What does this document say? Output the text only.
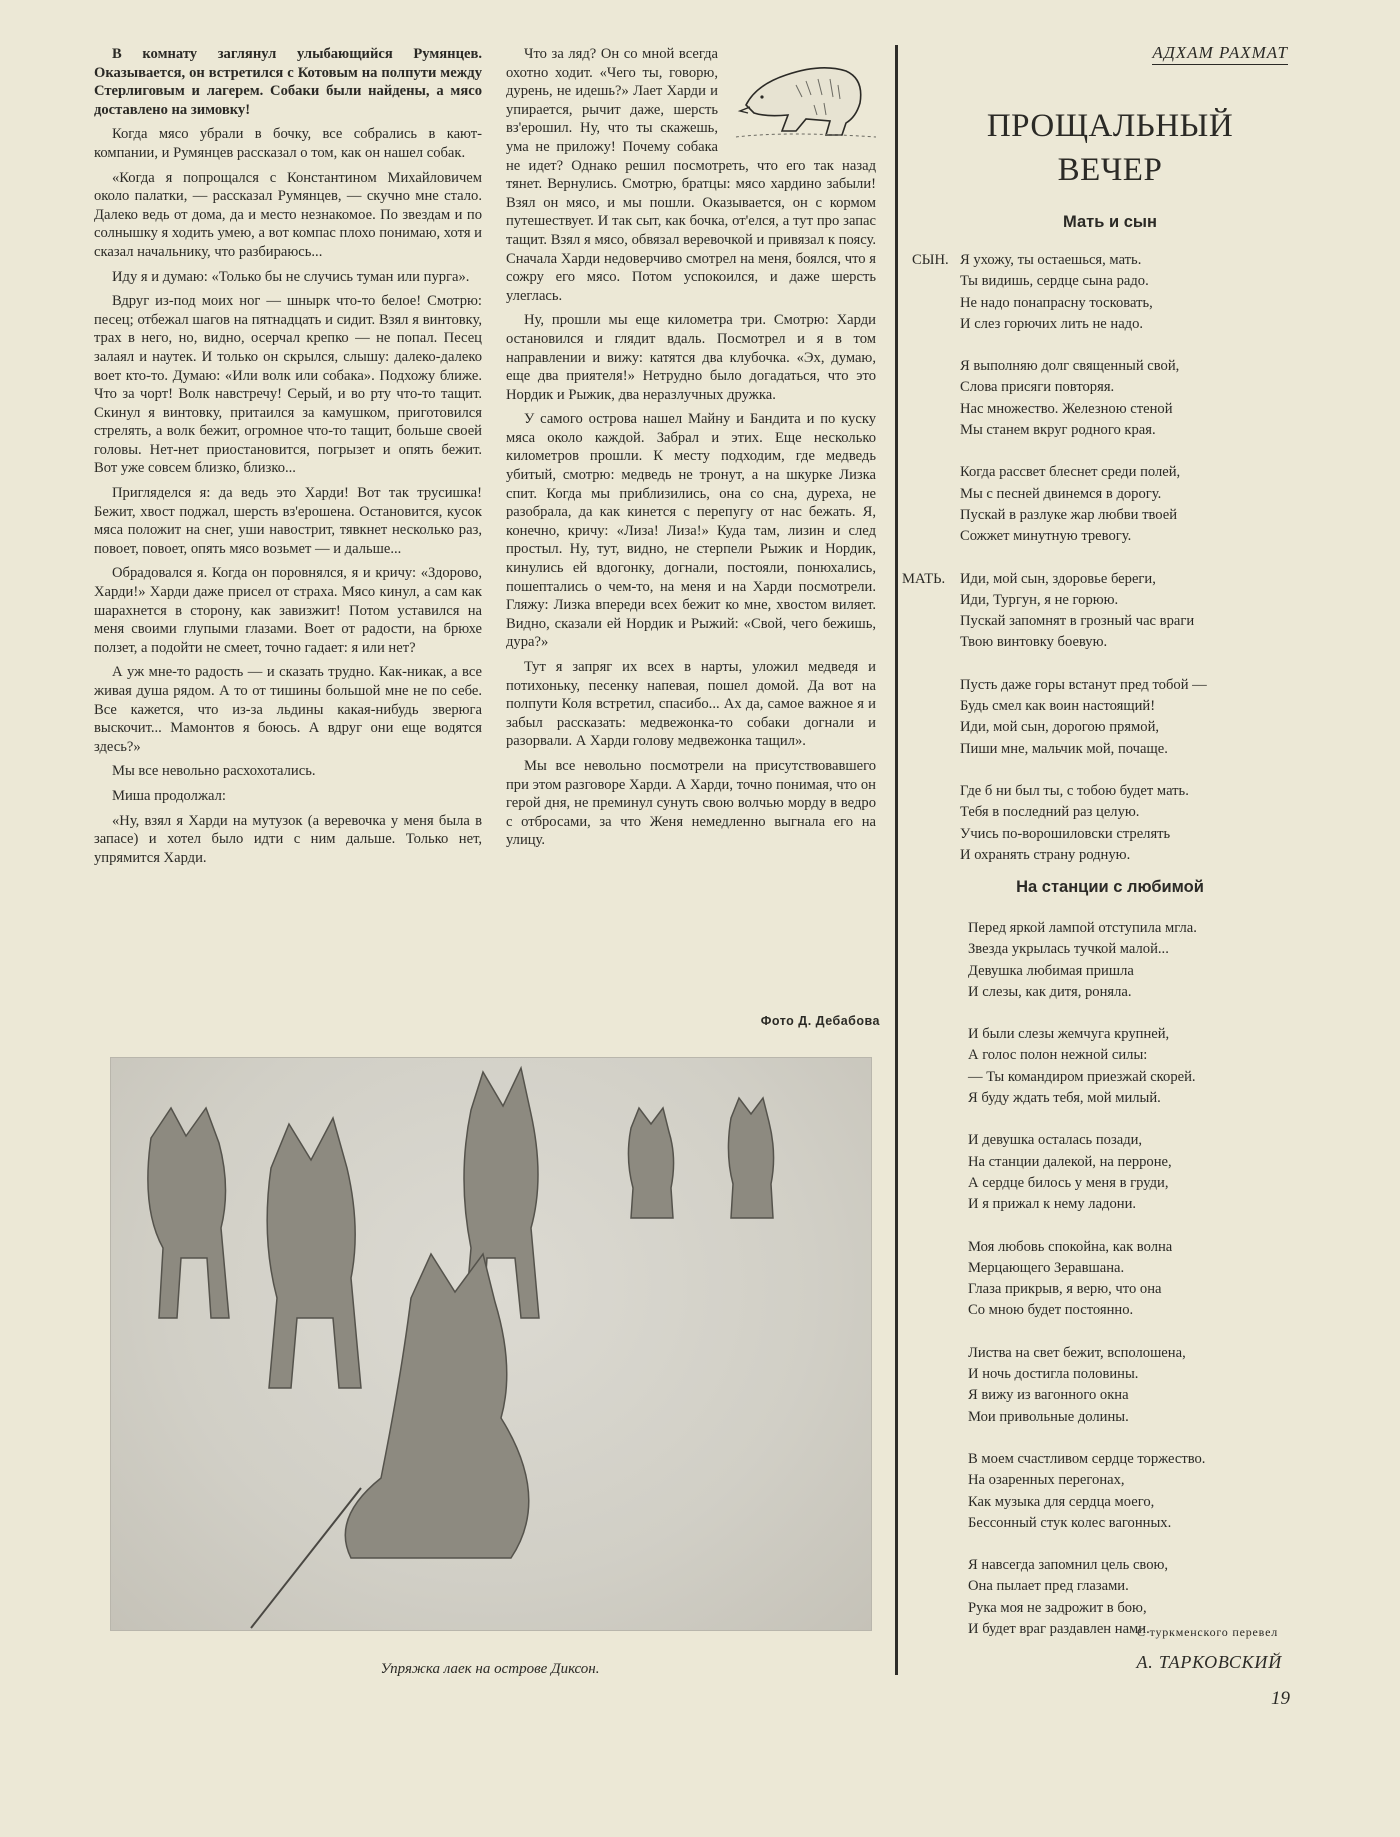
В комнату заглянул улыбающийся Румянцев. Оказывается, он встретился с Котовым на полпути между Стерлиговым и лагерем. Собаки были найдены, а мясо доставлено на зимовку!

Когда мясо убрали в бочку, все собрались в кают-компании, и Румянцев рассказал о том, как он нашел собак.

«Когда я попрощался с Константином Михайловичем около палатки, — рассказал Румянцев, — скучно мне стало. Далеко ведь от дома, да и место незнакомое. По звездам и по солнышку я ходить умею, а вот компас плохо понимаю, хотя и сказал начальнику, что разбираюсь...

Иду я и думаю: «Только бы не случись туман или пурга».

Вдруг из-под моих ног — шнырк что-то белое! Смотрю: песец; отбежал шагов на пятнадцать и сидит. Взял я винтовку, трах в него, но, видно, осерчал крепко — не попал. Песец залаял и наутек. И только он скрылся, слышу: далеко-далеко воет кто-то. Думаю: «Или волк или собака». Подхожу ближе. Что за чорт! Волк навстречу! Серый, и во рту что-то тащит. Скинул я винтовку, притаился за камушком, приготовился стрелять, а волк бежит, огромное что-то тащит, больше своей головы. Нет-нет приостановится, погрызет и опять бежит. Вот уже совсем близко, близко...

Пригляделся я: да ведь это Харди! Вот так трусишка! Бежит, хвост поджал, шерсть вз'ерошена. Остановится, кусок мяса положит на снег, уши навострит, тявкнет несколько раз, повоет, повоет, опять мясо возьмет — и дальше...

Обрадовался я. Когда он поровнялся, я и кричу: «Здорово, Харди!» Харди даже присел от страха. Мясо кинул, а сам как шарахнется в сторону, как завизжит! Потом уставился на меня своими глупыми глазами. Воет от радости, на брюхе ползет, а подойти не смеет, точно гадает: я или нет?

А уж мне-то радость — и сказать трудно. Как-никак, а все живая душа рядом. А то от тишины большой мне не по себе. Все кажется, что из-за льдины какая-нибудь зверюга выскочит... Мамонтов я боюсь. А вдруг они еще водятся здесь?»

Мы все невольно расхохотались.

Миша продолжал:

«Ну, взял я Харди на мутузок (а веревочка у меня была в запасе) и хотел было идти с ним дальше. Только нет, упрямится Харди.

Что за ляд? Он со мной всегда охотно ходит. «Чего ты, говорю, дурень, не идешь?» Лает Харди и упирается, рычит даже, шерсть вз'ерошил. Ну, что ты скажешь, ума не приложу! Почему собака не идет? Однако решил посмотреть, что его так назад тянет. Вернулись. Смотрю, братцы: мясо хардино забыли! Взял он мясо, и мы пошли. Оказывается, он с кормом путешествует. И так сыт, как бочка, от'елся, а тут про запас тащит. Взял я мясо, обвязал веревочкой и привязал к поясу. Сначала Харди недоверчиво смотрел на меня, боялся, что я сожру его мясо. Потом успокоился, и даже шерсть улеглась.

Ну, прошли мы еще километра три. Смотрю: Харди остановился и глядит вдаль. Посмотрел и я в том направлении и вижу: катятся два клубочка. «Эх, думаю, еще два приятеля!» Нетрудно было догадаться, что это Нордик и Рыжик, два неразлучных дружка.

У самого острова нашел Майну и Бандита и по куску мяса около каждой. Забрал и этих. Еще несколько километров прошли. К месту подходим, где медведь убитый, смотрю: медведь не тронут, а на шкурке Лизка спит. Когда мы приблизились, она со сна, дуреха, не разобрала, да как кинется с перепугу от нас бежать. Я, конечно, кричу: «Лиза! Лиза!» Куда там, лизин и след простыл. Ну, тут, видно, не стерпели Рыжик и Нордик, кинулись ей вдогонку, догнали, постояли, понюхались, пошептались о чем-то, на меня и на Харди посмотрели. Гляжу: Лизка впереди всех бежит ко мне, хвостом виляет. Видно, сказали ей Нордик и Рыжий: «Свой, чего бежишь, дура?»

Тут я запряг их всех в нарты, уложил медведя и потихоньку, песенку напевая, пошел домой. Да вот на полпути Коля встретил, спасибо... Ах да, самое важное я и забыл рассказать: медвежонка-то собаки догнали и разорвали. А Харди голову медвежонка тащил».

Мы все невольно посмотрели на присутствовавшего при этом разговоре Харди. А Харди, точно понимая, что он герой дня, не преминул сунуть свою волчью морду в ведро с отбросами, за что Женя немедленно выгнала его на улицу.

Фото Д. Дебабова
Упряжка лаек на острове Диксон.
АДХАМ РАХМАТ
ПРОЩАЛЬНЫЙ
ВЕЧЕР
Мать и сын
СЫН. Я ухожу, ты остаешься, мать.
Ты видишь, сердце сына радо.
Не надо понапрасну тосковать,
И слез горючих лить не надо.
Я выполняю долг священный свой,
Слова присяги повторяя.
Нас множество. Железною стеной
Мы станем вкруг родного края.
Когда рассвет блеснет среди полей,
Мы с песней двинемся в дорогу.
Пускай в разлуке жар любви твоей
Сожжет минутную тревогу.
МАТЬ. Иди, мой сын, здоровье береги,
Иди, Тургун, я не горюю.
Пускай запомнят в грозный час враги
Твою винтовку боевую.
Пусть даже горы встанут пред тобой —
Будь смел как воин настоящий!
Иди, мой сын, дорогою прямой,
Пиши мне, мальчик мой, почаще.
Где б ни был ты, с тобою будет мать.
Тебя в последний раз целую.
Учись по-ворошиловски стрелять
И охранять страну родную.
На станции с любимой
Перед яркой лампой отступила мгла.
Звезда укрылась тучкой малой...
Девушка любимая пришла
И слезы, как дитя, роняла.
И были слезы жемчуга крупней,
А голос полон нежной силы:
— Ты командиром приезжай скорей.
Я буду ждать тебя, мой милый.
И девушка осталась позади,
На станции далекой, на перроне,
А сердце билось у меня в груди,
И я прижал к нему ладони.
Моя любовь спокойна, как волна
Мерцающего Зеравшана.
Глаза прикрыв, я верю, что она
Со мною будет постоянно.
Листва на свет бежит, всполошена,
И ночь достигла половины.
Я вижу из вагонного окна
Мои привольные долины.
В моем счастливом сердце торжество.
На озаренных перегонах,
Как музыка для сердца моего,
Бессонный стук колес вагонных.
Я навсегда запомнил цель свою,
Она пылает пред глазами.
Рука моя не задрожит в бою,
И будет враг раздавлен нами.
С туркменского перевел
А. ТАРКОВСКИЙ
19
